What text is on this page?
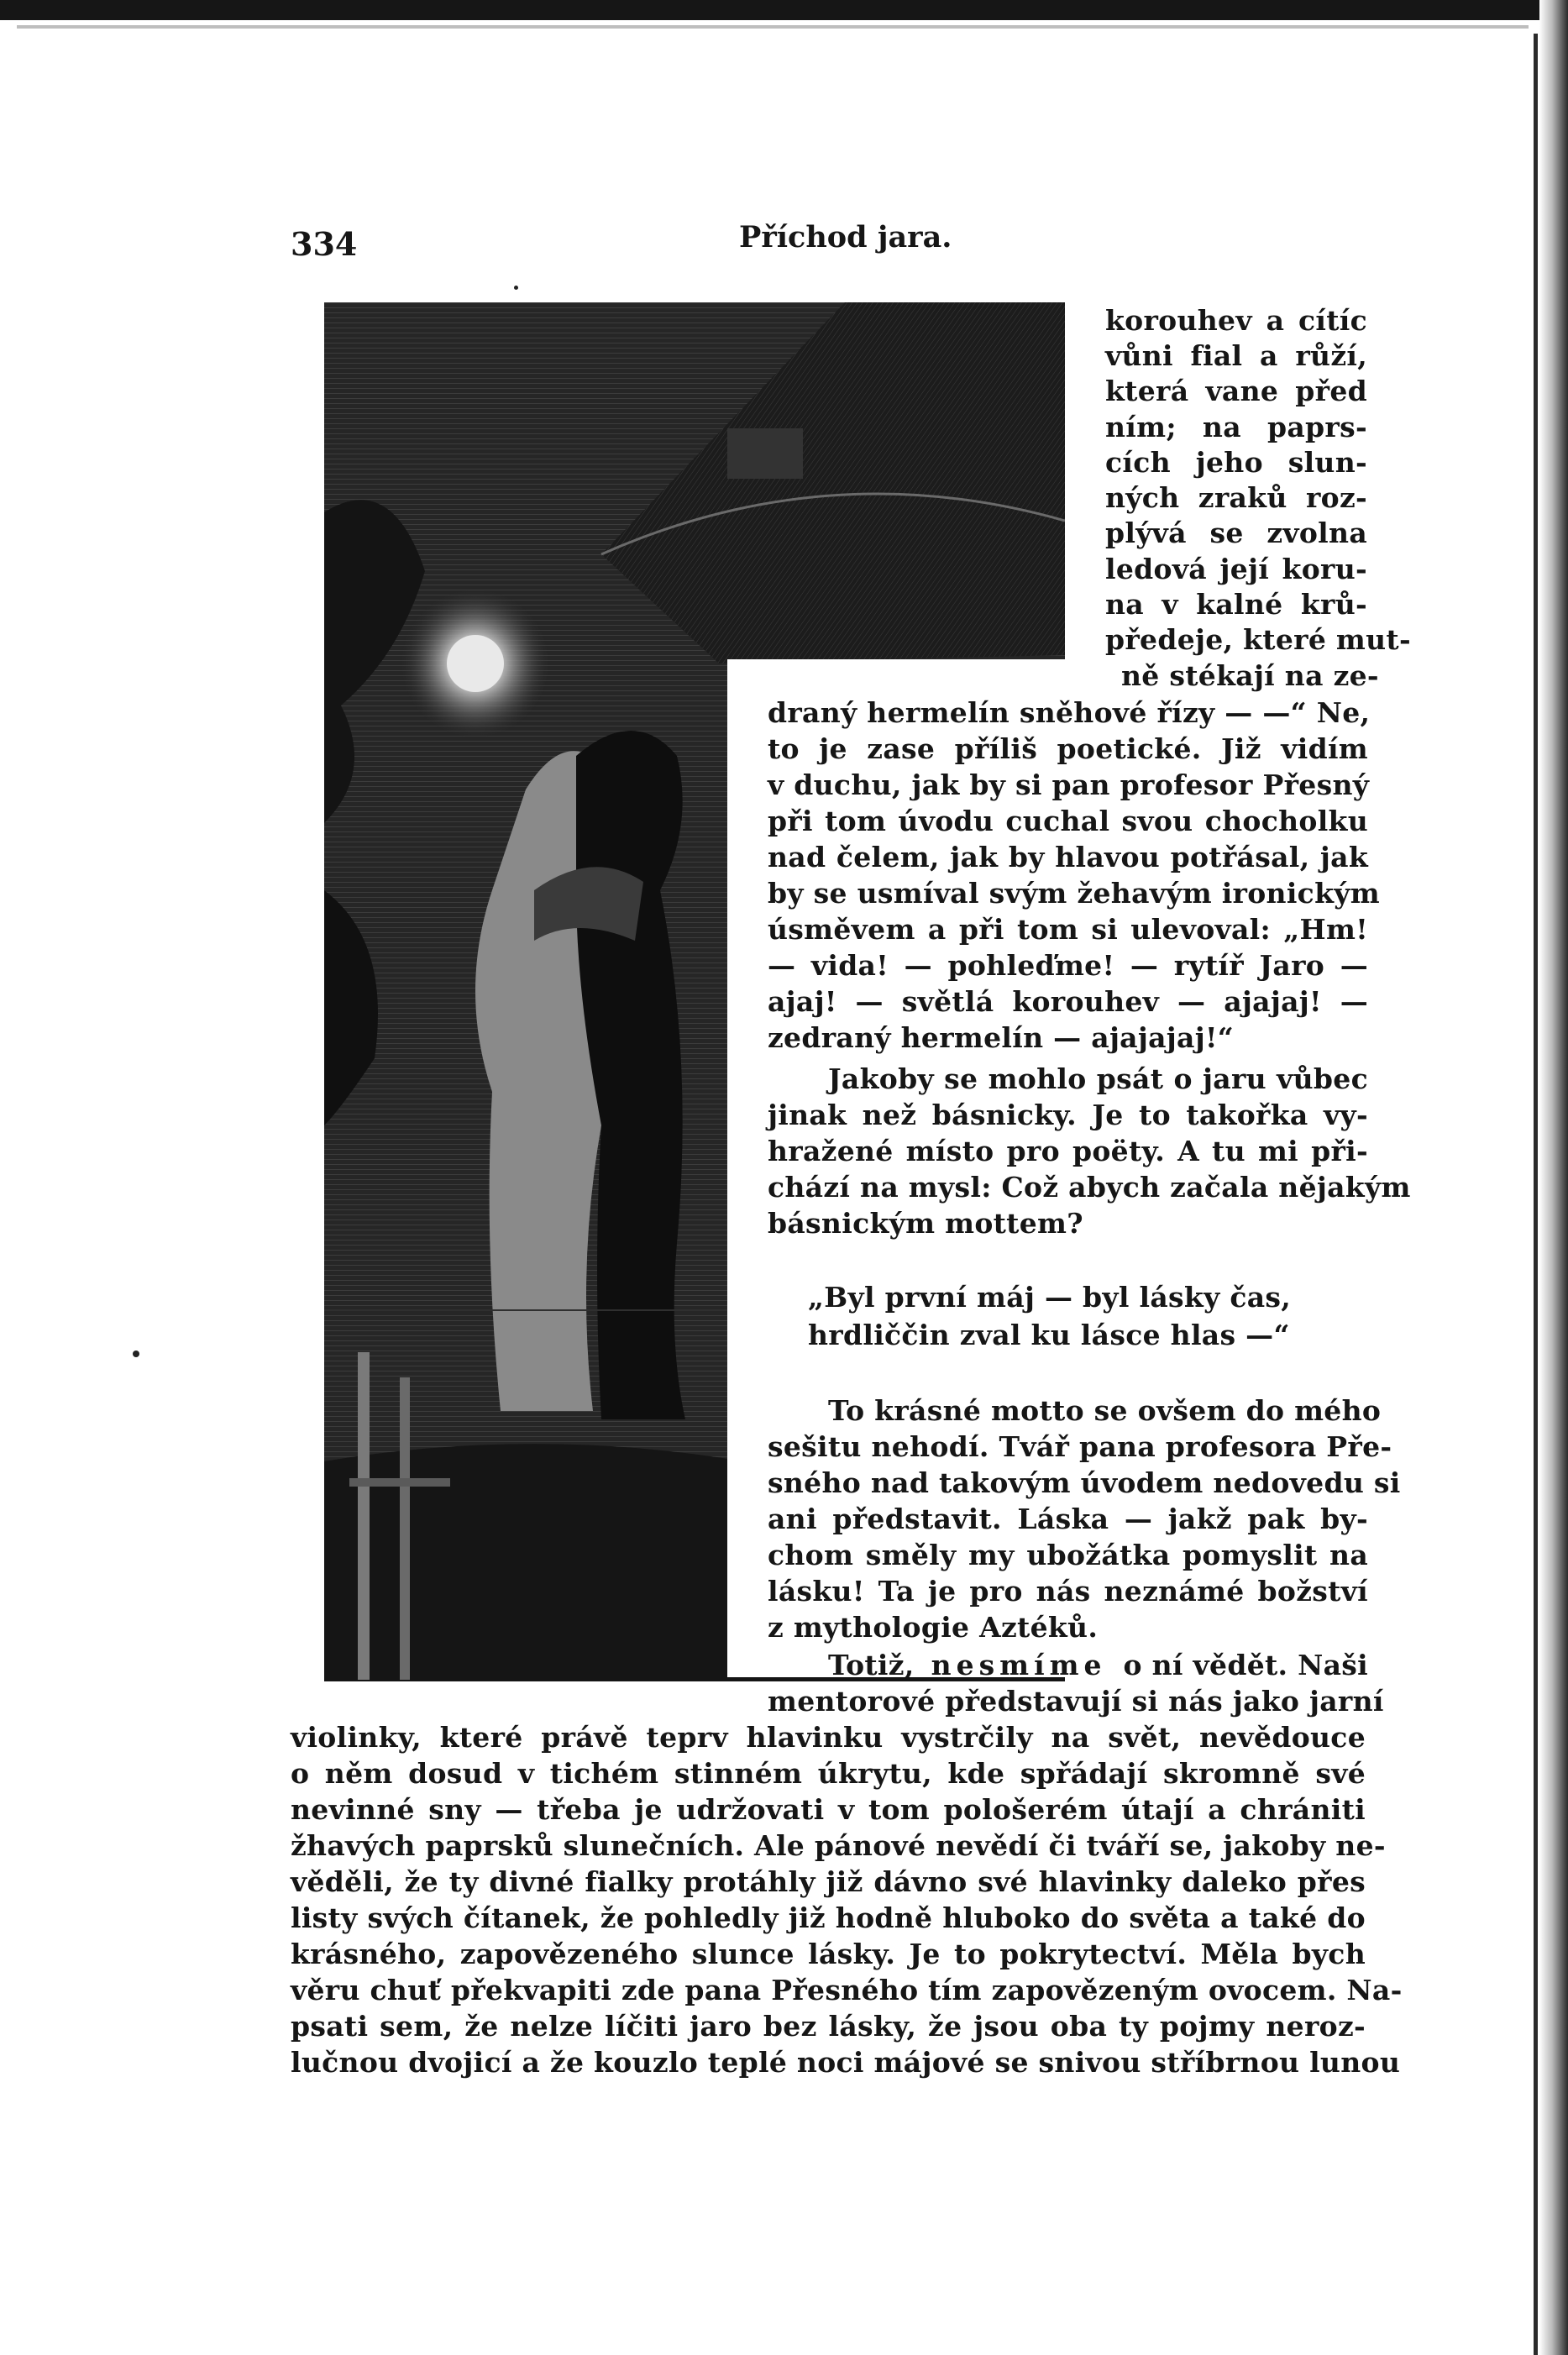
334	Příchod jara.
korouhev a cítíc
vůni fial a růží,
která vane před
ním; na paprs-
cích jeho slun-
ných zraků roz-
plývá se zvolna
ledová její koru-
na v kalné krů-
předeje, které mut-
ně stékají na ze-
draný hermelín sněhové řízy — —“ Ne,
to je zase příliš poetické. Již vidím
v duchu, jak by si pan profesor Přesný
při tom úvodu cuchal svou chocholku
nad čelem, jak by hlavou potřásal, jak
by se usmíval svým žehavým ironickým
úsměvem a při tom si ulevoval: „Hm!
— vida! — pohleďme! — rytíř Jaro —
ajaj! — světlá korouhev — ajajaj! —
zedraný hermelín — ajajajaj!“
Jakoby se mohlo psát o jaru vůbec
jinak než básnicky. Je to takořka vy-
hražené místo pro poëty. A tu mi při-
chází na mysl: Což abych začala nějakým
básnickým mottem?
„Byl první máj — byl lásky čas,
hrdliččin zval ku lásce hlas —“
To krásné motto se ovšem do mého
sešitu nehodí. Tvář pana profesora Pře-
sného nad takovým úvodem nedovedu si
ani představit. Láska — jakž pak by-
chom směly my ubožátka pomyslit na
lásku! Ta je pro nás neznámé božství
z mythologie Aztéků.
Totiž, nesmíme o ní vědět. Naši
mentorové představují si nás jako jarní
violinky, které právě teprv hlavinku vystrčily na svět, nevědouce
o něm dosud v tichém stinném úkrytu, kde spřádají skromně své
nevinné sny — třeba je udržovati v tom pološerém útají a chrániti
žhavých paprsků slunečních. Ale pánové nevědí či tváří se, jakoby ne-
věděli, že ty divné fialky protáhly již dávno své hlavinky daleko přes
listy svých čítanek, že pohledly již hodně hluboko do světa a také do
krásného, zapovězeného slunce lásky. Je to pokrytectví. Měla bych
věru chuť překvapiti zde pana Přesného tím zapovězeným ovocem. Na-
psati sem, že nelze líčiti jaro bez lásky, že jsou oba ty pojmy neroz-
lučnou dvojicí a že kouzlo teplé noci májové se snivou stříbrnou lunou
